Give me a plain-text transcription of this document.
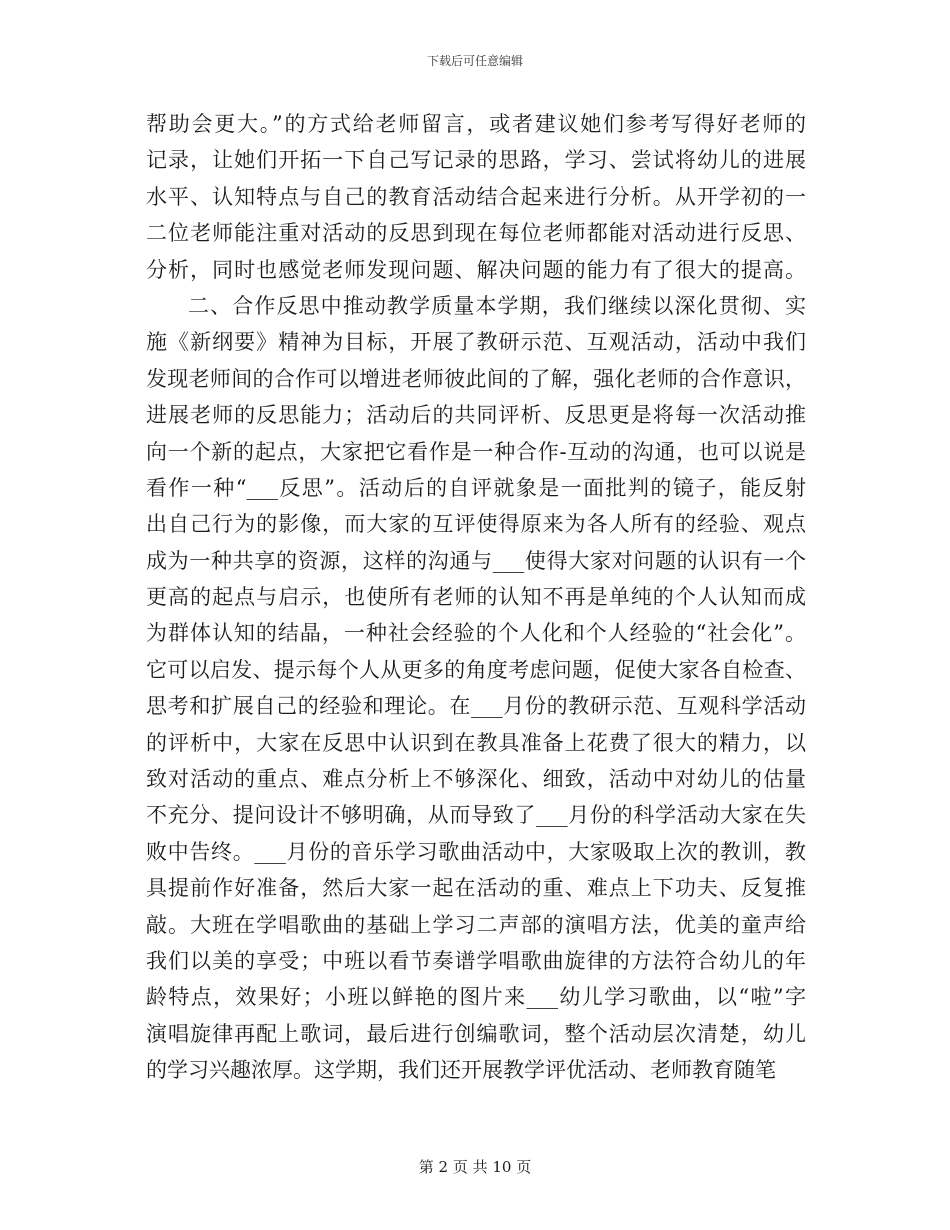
下载后可任意编辑
帮助会更大。”的方式给老师留言，或者建议她们参考写得好老师的
记录，让她们开拓一下自己写记录的思路，学习、尝试将幼儿的进展
水平、认知特点与自己的教育活动结合起来进行分析。从开学初的一
二位老师能注重对活动的反思到现在每位老师都能对活动进行反思、
分析，同时也感觉老师发现问题、解决问题的能力有了很大的提高。
二、合作反思中推动教学质量本学期，我们继续以深化贯彻、实
施《新纲要》精神为目标，开展了教研示范、互观活动，活动中我们
发现老师间的合作可以增进老师彼此间的了解，强化老师的合作意识，
进展老师的反思能力；活动后的共同评析、反思更是将每一次活动推
向一个新的起点，大家把它看作是一种合作-互动的沟通，也可以说是
看作一种“___反思”。活动后的自评就象是一面批判的镜子，能反射
出自己行为的影像，而大家的互评使得原来为各人所有的经验、观点
成为一种共享的资源，这样的沟通与___使得大家对问题的认识有一个
更高的起点与启示，也使所有老师的认知不再是单纯的个人认知而成
为群体认知的结晶，一种社会经验的个人化和个人经验的“社会化”。
它可以启发、提示每个人从更多的角度考虑问题，促使大家各自检查、
思考和扩展自己的经验和理论。在___月份的教研示范、互观科学活动
的评析中，大家在反思中认识到在教具准备上花费了很大的精力，以
致对活动的重点、难点分析上不够深化、细致，活动中对幼儿的估量
不充分、提问设计不够明确，从而导致了___月份的科学活动大家在失
败中告终。___月份的音乐学习歌曲活动中，大家吸取上次的教训，教
具提前作好准备，然后大家一起在活动的重、难点上下功夫、反复推
敲。大班在学唱歌曲的基础上学习二声部的演唱方法，优美的童声给
我们以美的享受；中班以看节奏谱学唱歌曲旋律的方法符合幼儿的年
龄特点，效果好；小班以鲜艳的图片来___幼儿学习歌曲，以“啦”字
演唱旋律再配上歌词，最后进行创编歌词，整个活动层次清楚，幼儿
的学习兴趣浓厚。这学期，我们还开展教学评优活动、老师教育随笔
第 2 页 共 10 页
